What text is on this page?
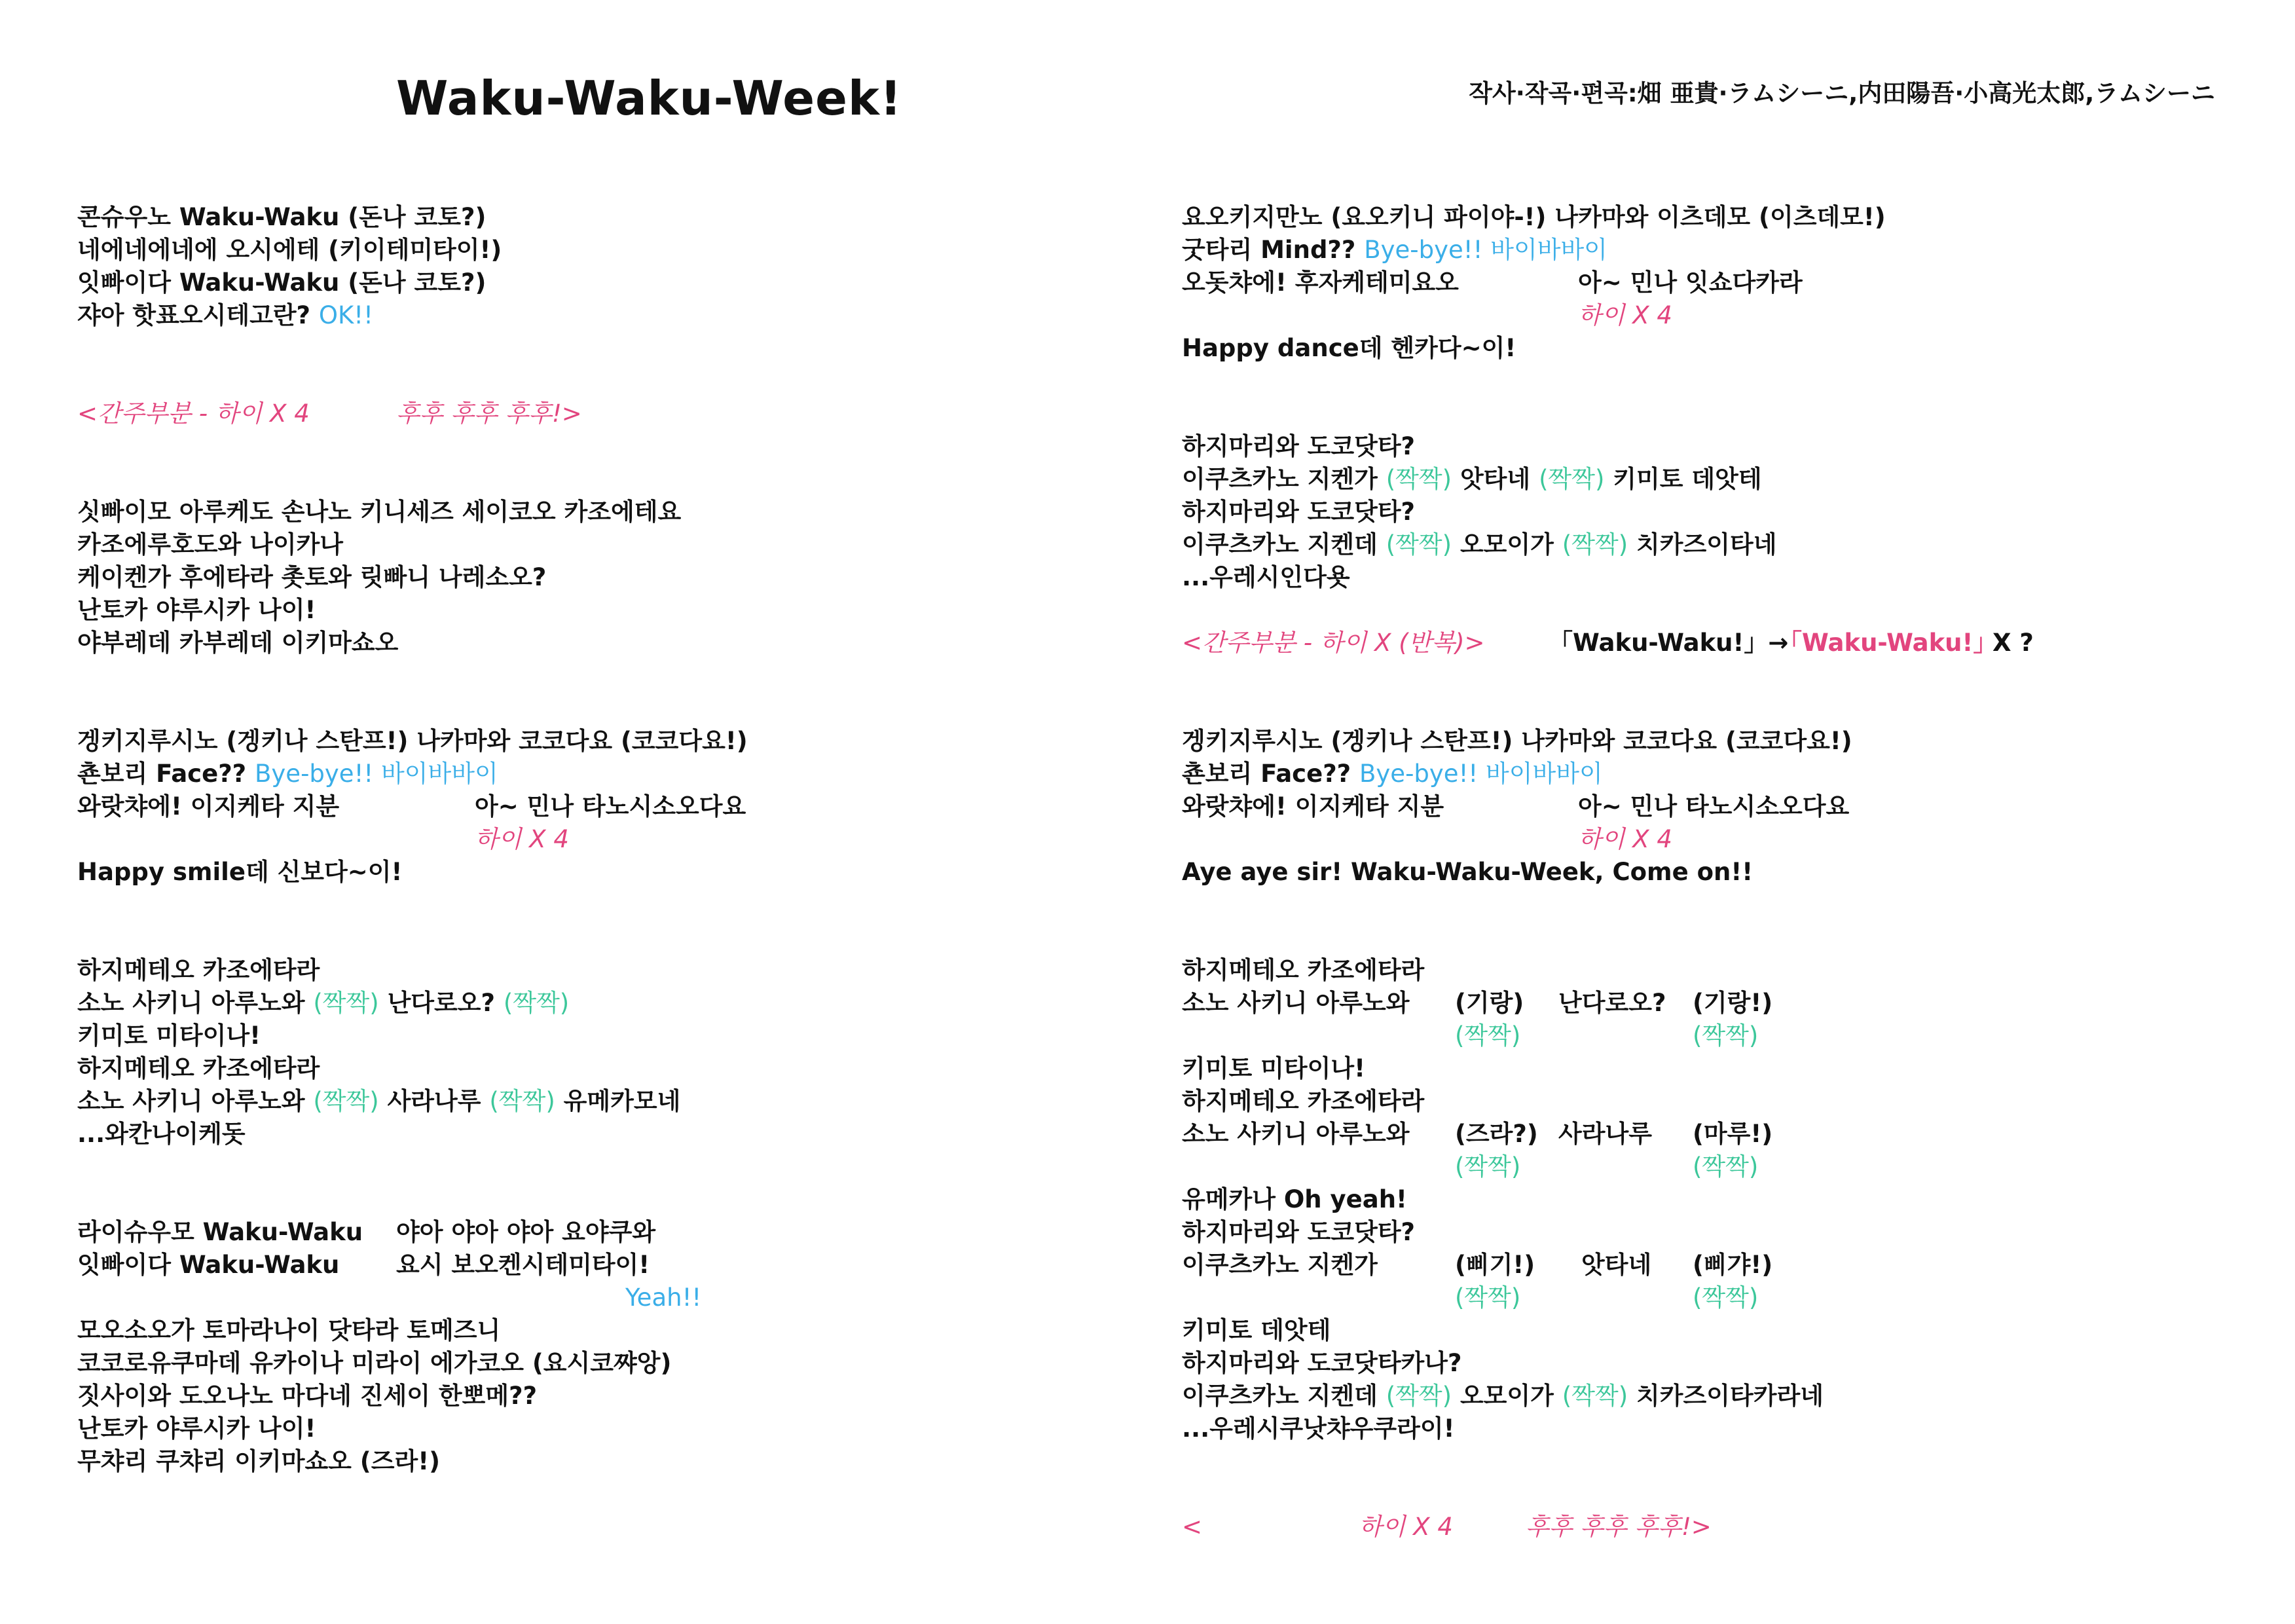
Waku-Waku-Week!	작사·작곡·편곡:畑 亜貴·ラムシーニ,内田陽吾·小高光太郎,ラムシーニ
콘슈우노 Waku-Waku (돈나 코토?)
네에네에네에 오시에테 (키이테미타이!)
잇빠이다 Waku-Waku (돈나 코토?)
쟈아 핫표오시테고란? OK!!
<간주부분 - 하이 X 4	후후 후후 후후!>
싯빠이모 아루케도 손나노 키니세즈 세이코오 카조에테요
카조에루호도와 나이카나
케이켄가 후에타라 촛토와 릿빠니 나레소오?
난토카 야루시카 나이!
야부레데 카부레데 이키마쇼오
겡키지루시노 (겡키나 스탄프!) 나카마와 코코다요 (코코다요!)
쵼보리 Face?? Bye-bye!! 바이바바이
와랏챠에! 이지케타 지분	아~ 민나 타노시소오다요
하이 X 4
Happy smile데 신보다~이!
하지메테오 카조에타라
소노 사키니 아루노와 (짝짝) 난다로오? (짝짝)
키미토 미타이나!
하지메테오 카조에타라
소노 사키니 아루노와 (짝짝) 사라나루 (짝짝) 유메카모네
...와칸나이케돗
라이슈우모 Waku-Waku 야아 야아 야아 요야쿠와
잇빠이다 Waku-Waku 요시 보오켄시테미타이!
Yeah!!
모오소오가 토마라나이 닷타라 토메즈니
코코로유쿠마데 유카이나 미라이 에가코오 (요시코쨔앙)
짓사이와 도오나노 마다네 진세이 한뽀메??
난토카 야루시카 나이!
무챠리 쿠챠리 이키마쇼오 (즈라!)
요오키지만노 (요오키니 파이야-!) 나카마와 이츠데모 (이츠데모!)
굿타리 Mind?? Bye-bye!! 바이바바이
오돗챠에! 후자케테미요오	아~ 민나 잇쇼다카라
하이 X 4
Happy dance데 헨카다~이!
하지마리와 도코닷타?
이쿠츠카노 지켄가 (짝짝) 앗타네 (짝짝) 키미토 데앗테
하지마리와 도코닷타?
이쿠츠카노 지켄데 (짝짝) 오모이가 (짝짝) 치카즈이타네
...우레시인다욧
<간주부분 - 하이 X (반복)>	「Waku-Waku!」→
「Waku-Waku!」
X ?
겡키지루시노 (겡키나 스탄프!) 나카마와 코코다요 (코코다요!)
쵼보리 Face?? Bye-bye!! 바이바바이
와랏챠에! 이지케타 지분	아~ 민나 타노시소오다요
하이 X 4
Aye aye sir! Waku-Waku-Week, Come on!!
하지메테오 카조에타라
소노 사키니 아루노와 (기랑) 난다로오? (기랑!)
(짝짝)	(짝짝)
키미토 미타이나!
하지메테오 카조에타라
소노 사키니 아루노와 (즈라?) 사라나루 (마루!)
(짝짝)	(짝짝)
유메카나 Oh yeah!
하지마리와 도코닷타?
이쿠츠카노 지켄가	(삐기!) 앗타네 (삐갸!)
(짝짝)	(짝짝)
키미토 데앗테
하지마리와 도코닷타카나?
이쿠츠카노 지켄데 (짝짝) 오모이가 (짝짝) 치카즈이타카라네
...우레시쿠낫챠우쿠라이!
<	하이 X 4	후후 후후 후후!>
